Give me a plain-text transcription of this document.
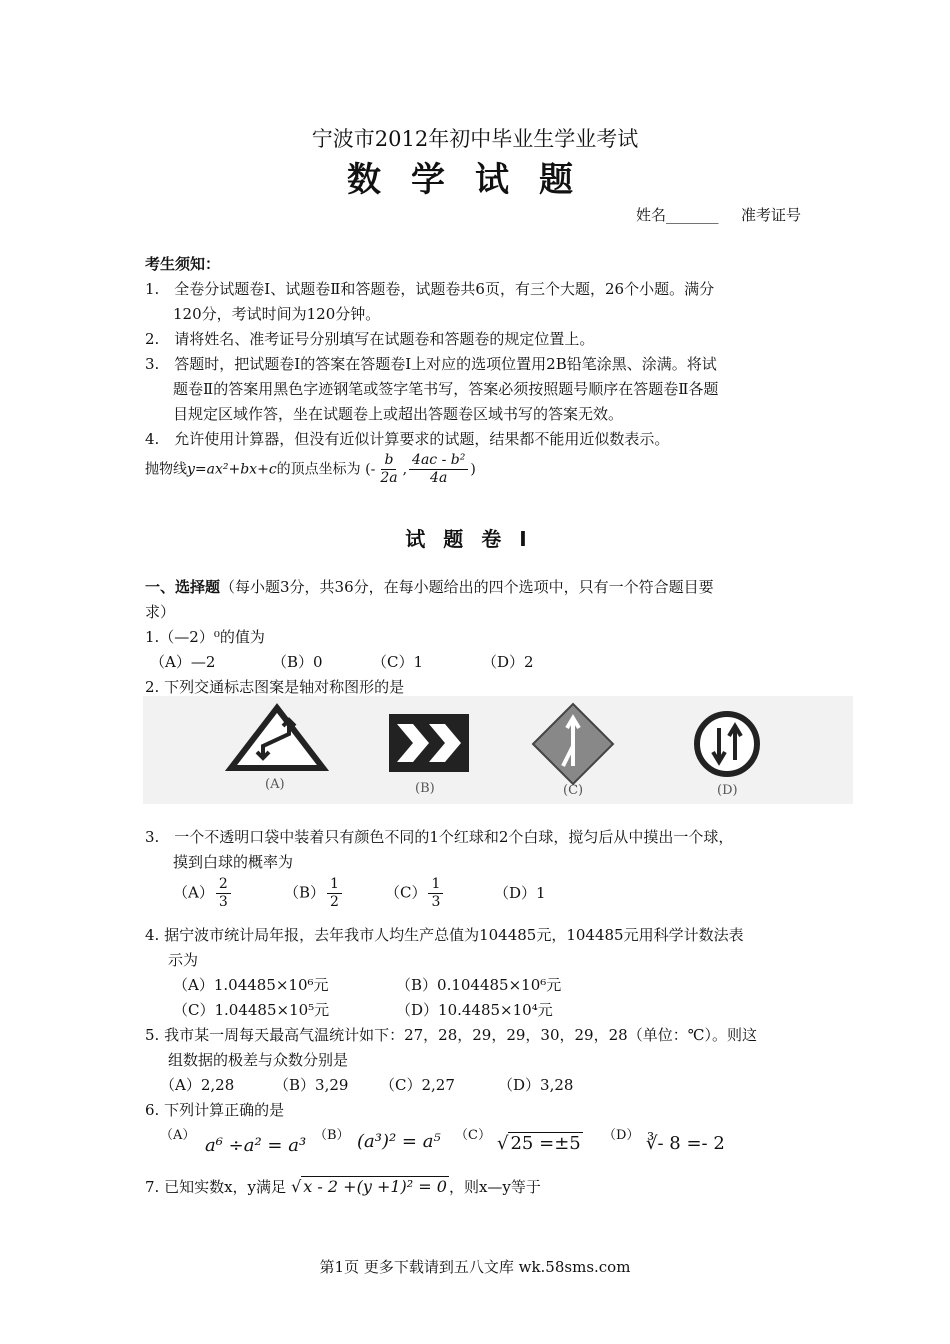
宁波市2012年初中毕业生学业考试
数学试题
姓名_______ 准考证号
考生须知：
1.　全卷分试题卷Ⅰ、试题卷Ⅱ和答题卷，试题卷共6页，有三个大题，26个小题。满分
120分，考试时间为120分钟。
2.　请将姓名、准考证号分别填写在试题卷和答题卷的规定位置上。
3.　答题时，把试题卷Ⅰ的答案在答题卷Ⅰ上对应的选项位置用2B铅笔涂黑、涂满。将试
题卷Ⅱ的答案用黑色字迹钢笔或签字笔书写，答案必须按照题号顺序在答题卷Ⅱ各题
目规定区域作答，坐在试题卷上或超出答题卷区域书写的答案无效。
4.　允许使用计算器，但没有近似计算要求的试题，结果都不能用近似数表示。
抛物线y=ax²+bx+c的顶点坐标为 (- $\frac{b}{2a}$ , $\frac{\text{4ac - b²}}{4a}$ )
试题卷Ⅰ
一、选择题（每小题3分，共36分，在每小题给出的四个选项中，只有一个符合题目要
求）
1.（—2）⁰的值为
（A）—2	（B）0	（C）1	（D）2
2. 下列交通标志图案是轴对称图形的是
(A)	(B)	(C)	(D)
3.　一个不透明口袋中装着只有颜色不同的1个红球和2个白球，搅匀后从中摸出一个球，
摸到白球的概率为
$(A) \frac{2}{3}$	$(B) \frac{1}{2}$	$(C) \frac{1}{3}$	（D）1
4. 据宁波市统计局年报，去年我市人均生产总值为104485元，104485元用科学计数法表
示为
（A）1.04485×10⁶元	（B）0.104485×10⁶元
（C）1.04485×10⁵元	（D）10.4485×10⁴元
5. 我市某一周每天最高气温统计如下：27，28，29，29，30，29，28（单位：℃）。则这
组数据的极差与众数分别是
（A）2,28	（B）3,29 （C）2,27	（D）3,28
6. 下列计算正确的是
（A） a⁶ ÷a² = a³ （B） (a³)² = a⁵ （C） √ 25 =±5 （D） ∛- 8 =- 2
7. 已知实数x，y满足 √ x - 2 +(y +1)² = 0 ，则x—y等于
第1页 更多下载请到五八文库 wk.58sms.com
